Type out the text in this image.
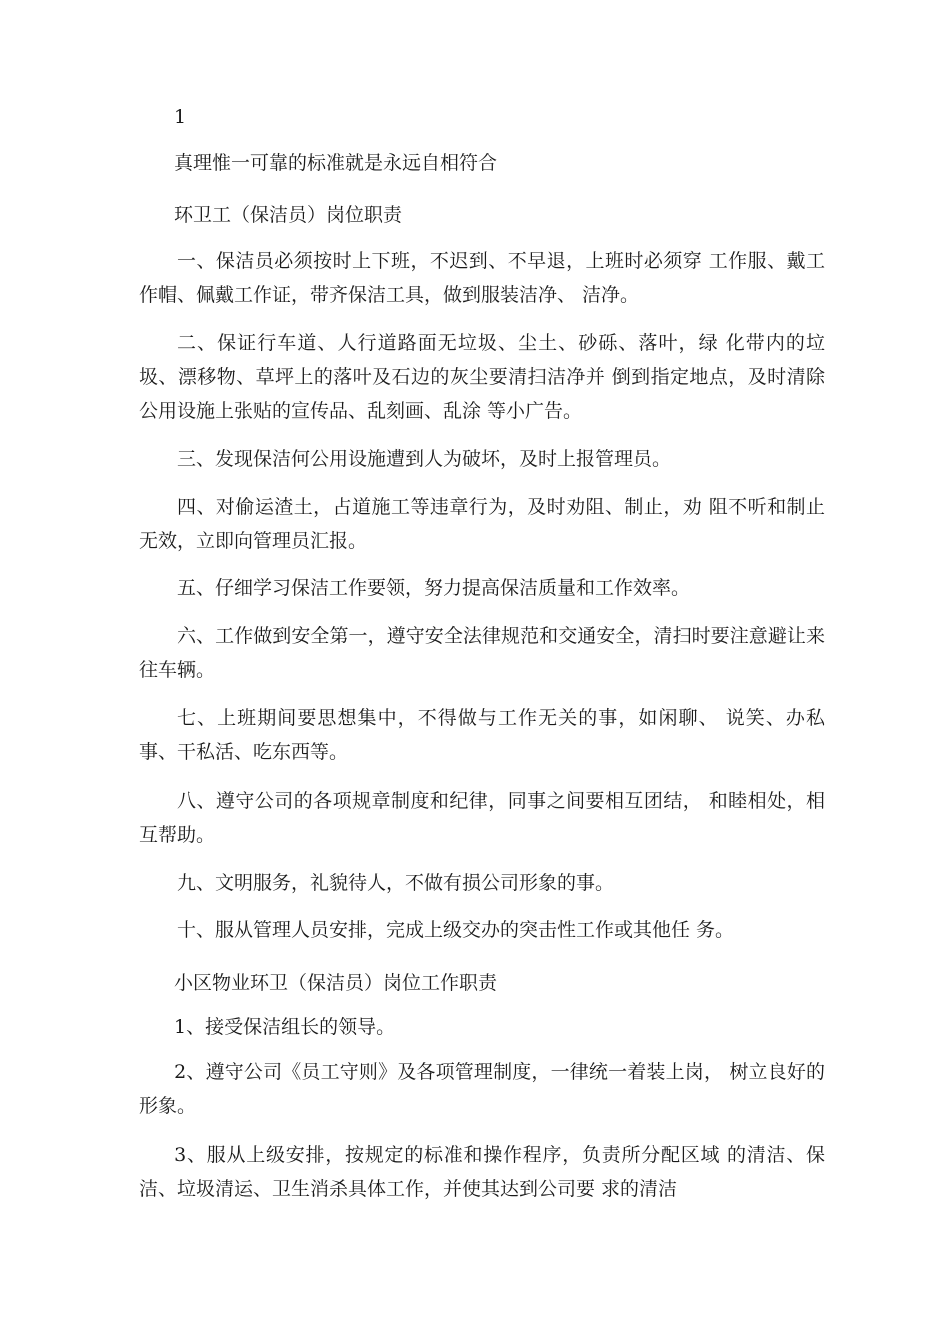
1

真理惟一可靠的标准就是永远自相符合

环卫工（保洁员）岗位职责

一、保洁员必须按时上下班，不迟到、不早退，上班时必须穿 工作服、戴工作帽、佩戴工作证，带齐保洁工具，做到服装洁净、 洁净。

二、保证行车道、人行道路面无垃圾、尘土、砂砾、落叶，绿 化带内的垃圾、漂移物、草坪上的落叶及石边的灰尘要清扫洁净并 倒到指定地点，及时清除公用设施上张贴的宣传品、乱刻画、乱涂 等小广告。

三、发现保洁何公用设施遭到人为破坏，及时上报管理员。

四、对偷运渣土，占道施工等违章行为，及时劝阻、制止，劝 阻不听和制止无效，立即向管理员汇报。

五、仔细学习保洁工作要领，努力提高保洁质量和工作效率。

六、工作做到安全第一，遵守安全法律规范和交通安全，清扫时要注意避让来往车辆。

七、上班期间要思想集中，不得做与工作无关的事，如闲聊、 说笑、办私事、干私活、吃东西等。

八、遵守公司的各项规章制度和纪律，同事之间要相互团结， 和睦相处，相互帮助。

九、文明服务，礼貌待人，不做有损公司形象的事。

十、服从管理人员安排，完成上级交办的突击性工作或其他任 务。

小区物业环卫（保洁员）岗位工作职责

1、接受保洁组长的领导。

2、遵守公司《员工守则》及各项管理制度，一律统一着装上岗， 树立良好的形象。

3、服从上级安排，按规定的标准和操作程序，负责所分配区域 的清洁、保洁、垃圾清运、卫生消杀具体工作，并使其达到公司要 求的清洁
